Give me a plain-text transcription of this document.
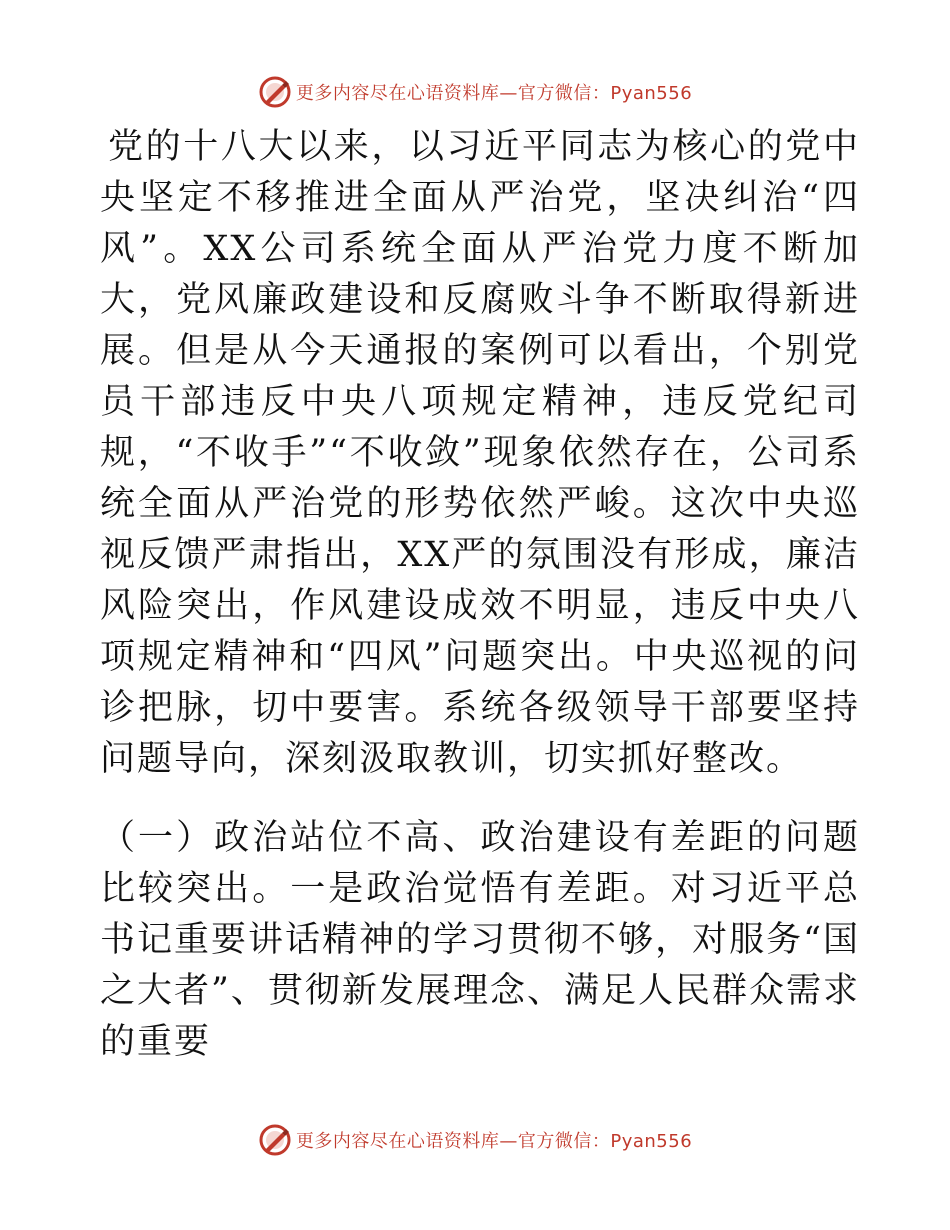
更多内容尽在心语资料库—官方微信：Pyan556

党的十八大以来，以习近平同志为核心的党中央坚定不移推进全面从严治党，坚决纠治“四风”。XX公司系统全面从严治党力度不断加大，党风廉政建设和反腐败斗争不断取得新进展。但是从今天通报的案例可以看出，个别党员干部违反中央八项规定精神，违反党纪司规，“不收手”“不收敛”现象依然存在，公司系统全面从严治党的形势依然严峻。这次中央巡视反馈严肃指出，XX严的氛围没有形成，廉洁风险突出，作风建设成效不明显，违反中央八项规定精神和“四风”问题突出。中央巡视的问诊把脉，切中要害。系统各级领导干部要坚持问题导向，深刻汲取教训，切实抓好整改。

（一）政治站位不高、政治建设有差距的问题比较突出。一是政治觉悟有差距。对习近平总书记重要讲话精神的学习贯彻不够，对服务“国之大者”、贯彻新发展理念、满足人民群众需求的重要

更多内容尽在心语资料库—官方微信：Pyan556
